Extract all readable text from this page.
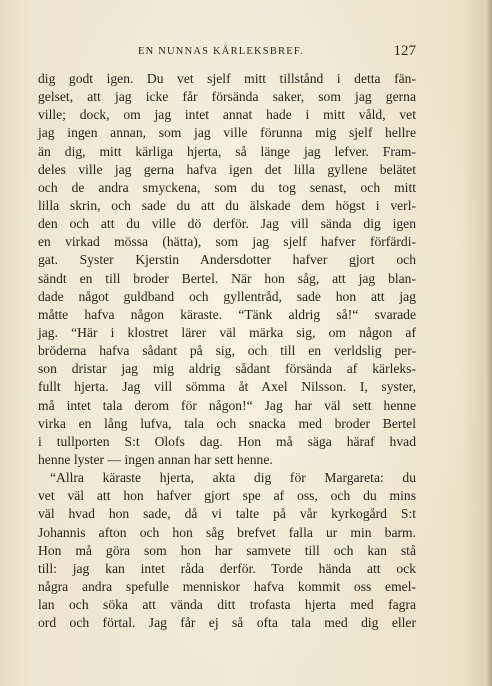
EN NUNNAS KÄRLEKSBREF.	127
dig godt igen. Du vet sjelf mitt tillstånd i detta fän-
gelset, att jag icke får försända saker, som jag gerna
ville; dock, om jag intet annat hade i mitt våld, vet
jag ingen annan, som jag ville förunna mig sjelf hellre
än dig, mitt kärliga hjerta, så länge jag lefver. Fram-
deles ville jag gerna hafva igen det lilla gyllene belätet
och de andra smyckena, som du tog senast, och mitt
lilla skrin, och sade du att du älskade dem högst i verl-
den och att du ville dö derför. Jag vill sända dig igen
en virkad mössa (hätta), som jag sjelf hafver förfärdi-
gat. Syster Kjerstin Andersdotter hafver gjort och
sändt en till broder Bertel. När hon såg, att jag blan-
dade något guldband och gyllentråd, sade hon att jag
måtte hafva någon käraste. “Tänk aldrig så!“ svarade
jag. “Här i klostret lärer väl märka sig, om någon af
bröderna hafva sådant på sig, och till en verldslig per-
son dristar jag mig aldrig sådant försända af kärleks-
fullt hjerta. Jag vill sömma åt Axel Nilsson. I, syster,
må intet tala derom för någon!“ Jag har väl sett henne
virka en lång lufva, tala och snacka med broder Bertel
i tullporten S:t Olofs dag. Hon må säga häraf hvad
henne lyster — ingen annan har sett henne.
“Allra käraste hjerta, akta dig för Margareta: du
vet väl att hon hafver gjort spe af oss, och du mins
väl hvad hon sade, då vi talte på vår kyrkogård S:t
Johannis afton och hon såg brefvet falla ur min barm.
Hon må göra som hon har samvete till och kan stå
till: jag kan intet råda derför. Torde hända att ock
några andra spefulle menniskor hafva kommit oss emel-
lan och söka att vända ditt trofasta hjerta med fagra
ord och förtal. Jag får ej så ofta tala med dig eller
